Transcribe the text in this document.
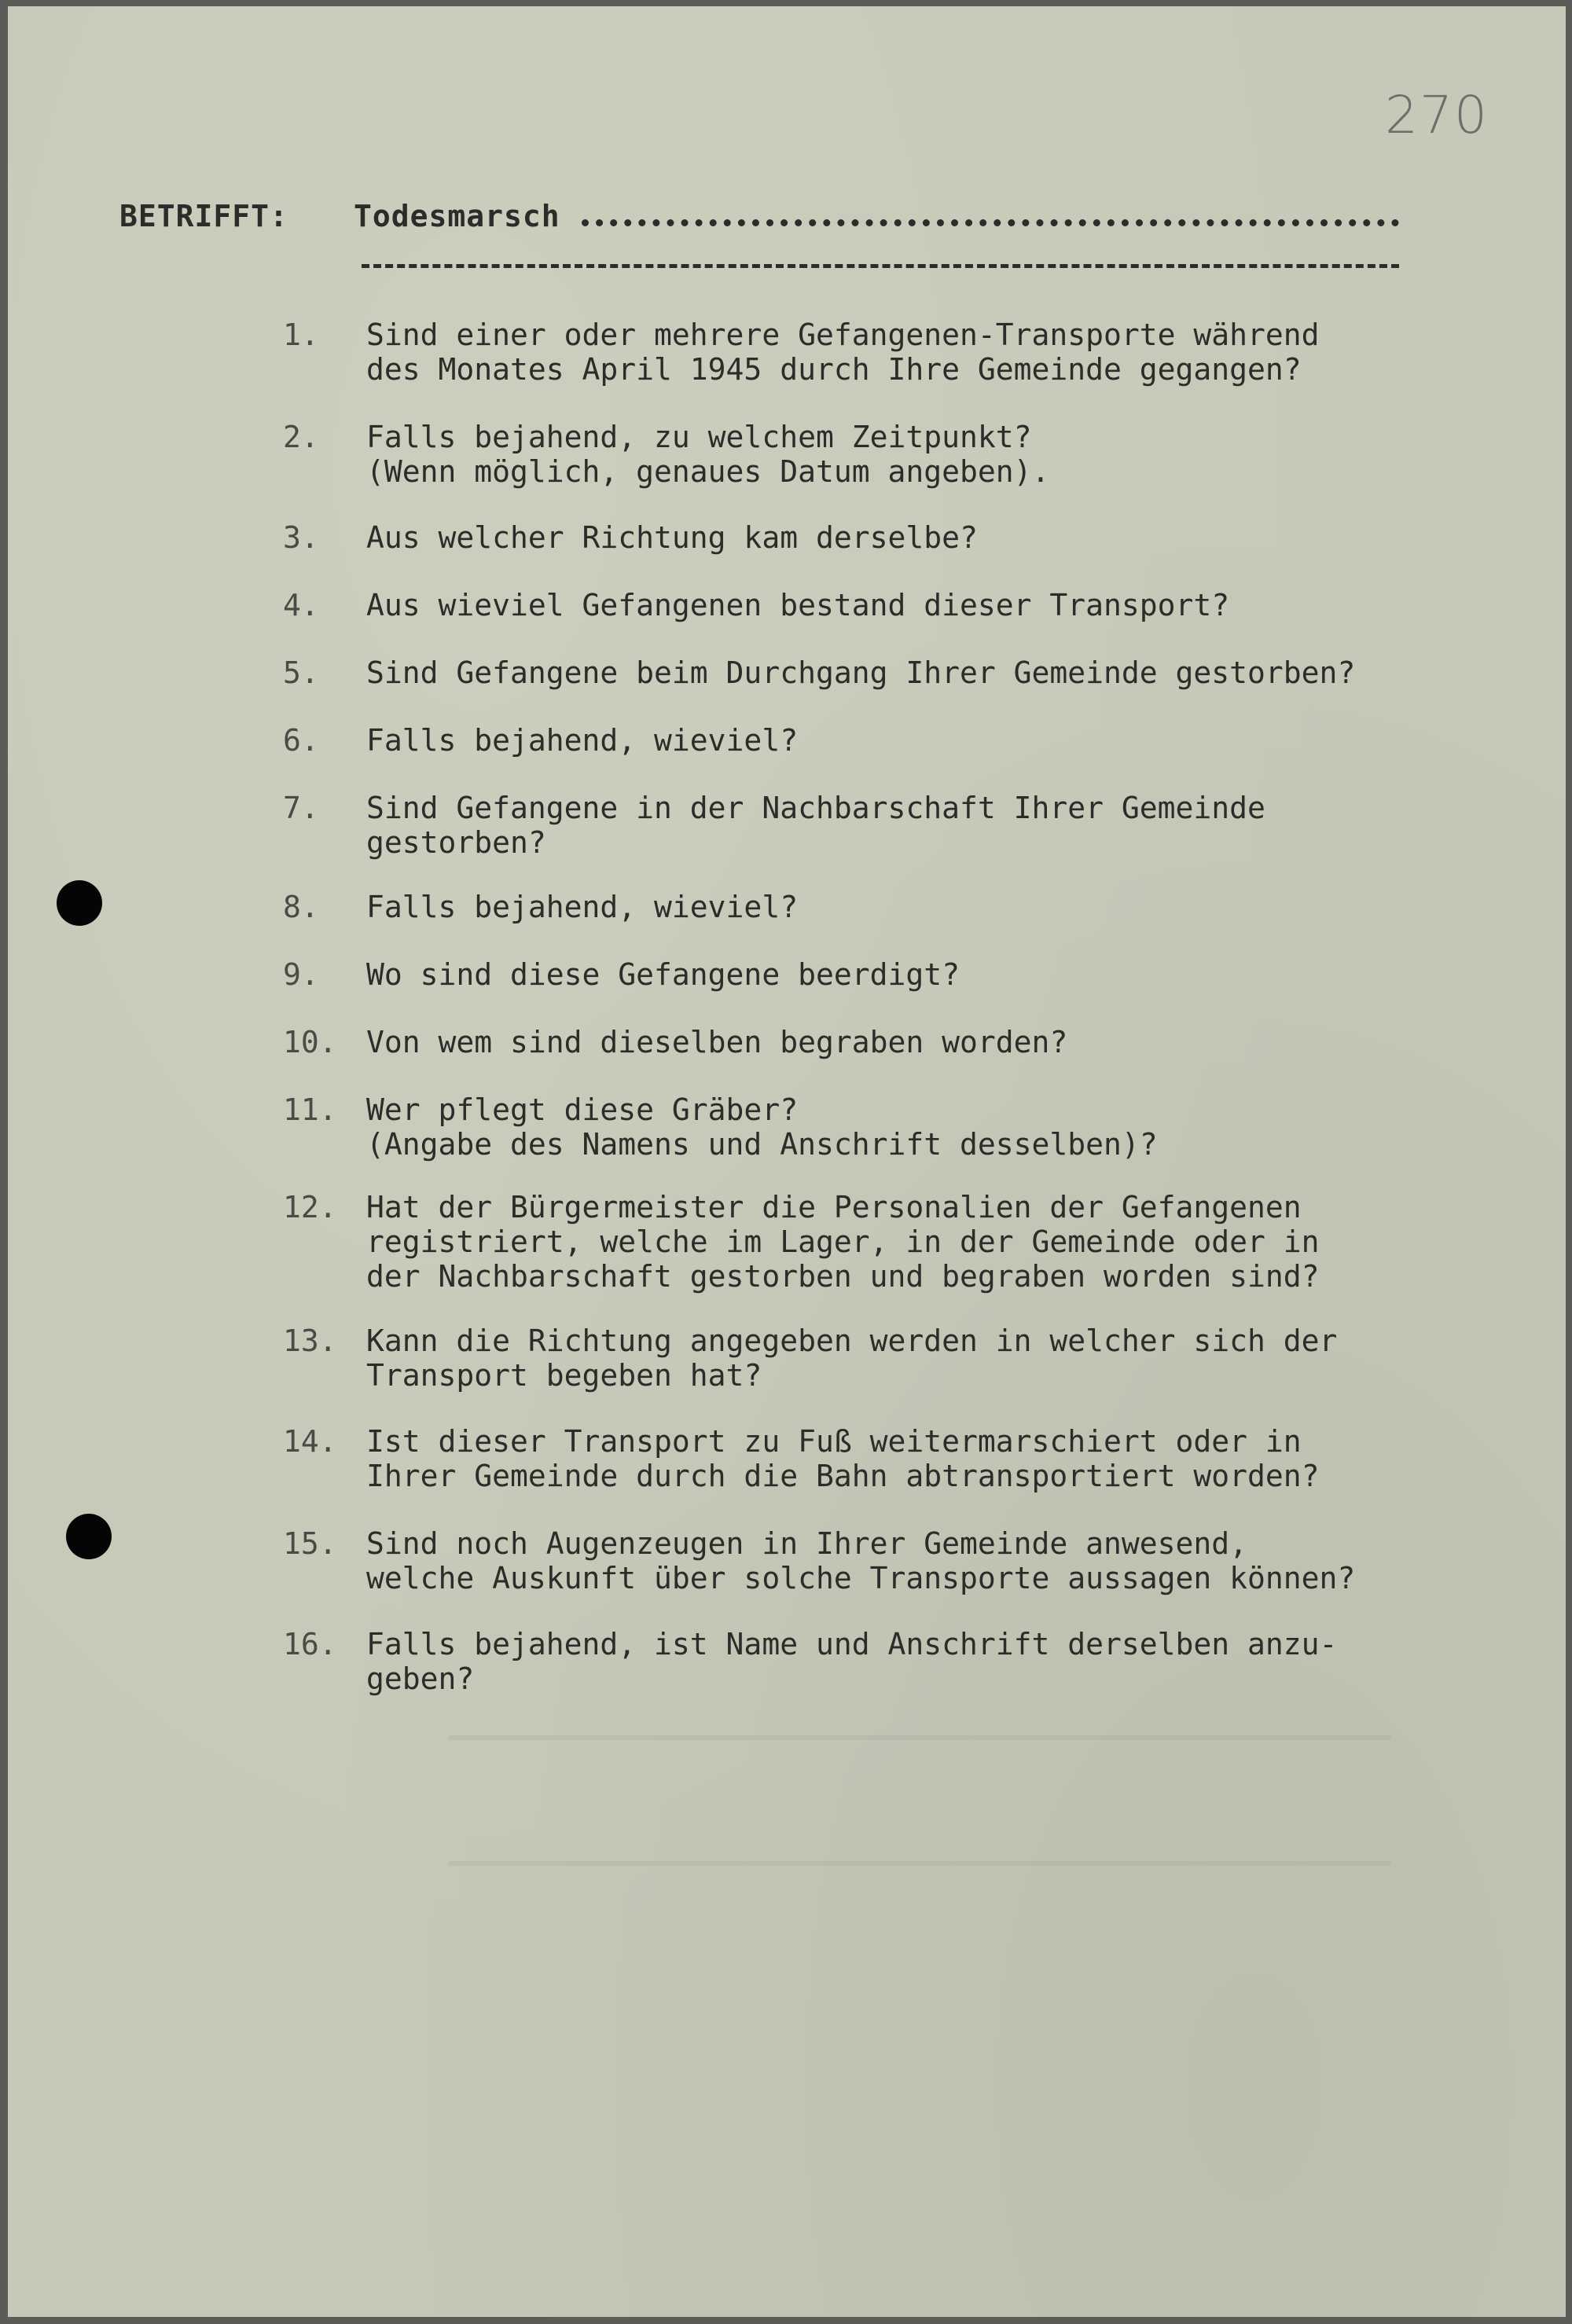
270
BETRIFFT: Todesmarsch

1.

	Sind einer oder mehrere Gefangenen-Transporte während
des Monates April 1945 durch Ihre Gemeinde gegangen?

2.

	Falls bejahend, zu welchem Zeitpunkt?
(Wenn möglich, genaues Datum angeben).

3.

	Aus welcher Richtung kam derselbe?

4.

	Aus wieviel Gefangenen bestand dieser Transport?

5.

	Sind Gefangene beim Durchgang Ihrer Gemeinde gestorben?

6.

	Falls bejahend, wieviel?

7.

	Sind Gefangene in der Nachbarschaft Ihrer Gemeinde
gestorben?

8.

	Falls bejahend, wieviel?

9.

	Wo sind diese Gefangene beerdigt?

10.

Von wem sind dieselben begraben worden?

11.

Wer pflegt diese Gräber?
(Angabe des Namens und Anschrift desselben)?

12.

Hat der Bürgermeister die Personalien der Gefangenen
registriert, welche im Lager, in der Gemeinde oder in
der Nachbarschaft gestorben und begraben worden sind?

13.

Kann die Richtung angegeben werden in welcher sich der
Transport begeben hat?

14.

Ist dieser Transport zu Fuß weitermarschiert oder in
Ihrer Gemeinde durch die Bahn abtransportiert worden?

15.

Sind noch Augenzeugen in Ihrer Gemeinde anwesend,
welche Auskunft über solche Transporte aussagen können?

16.

Falls bejahend, ist Name und Anschrift derselben anzu-
geben?
